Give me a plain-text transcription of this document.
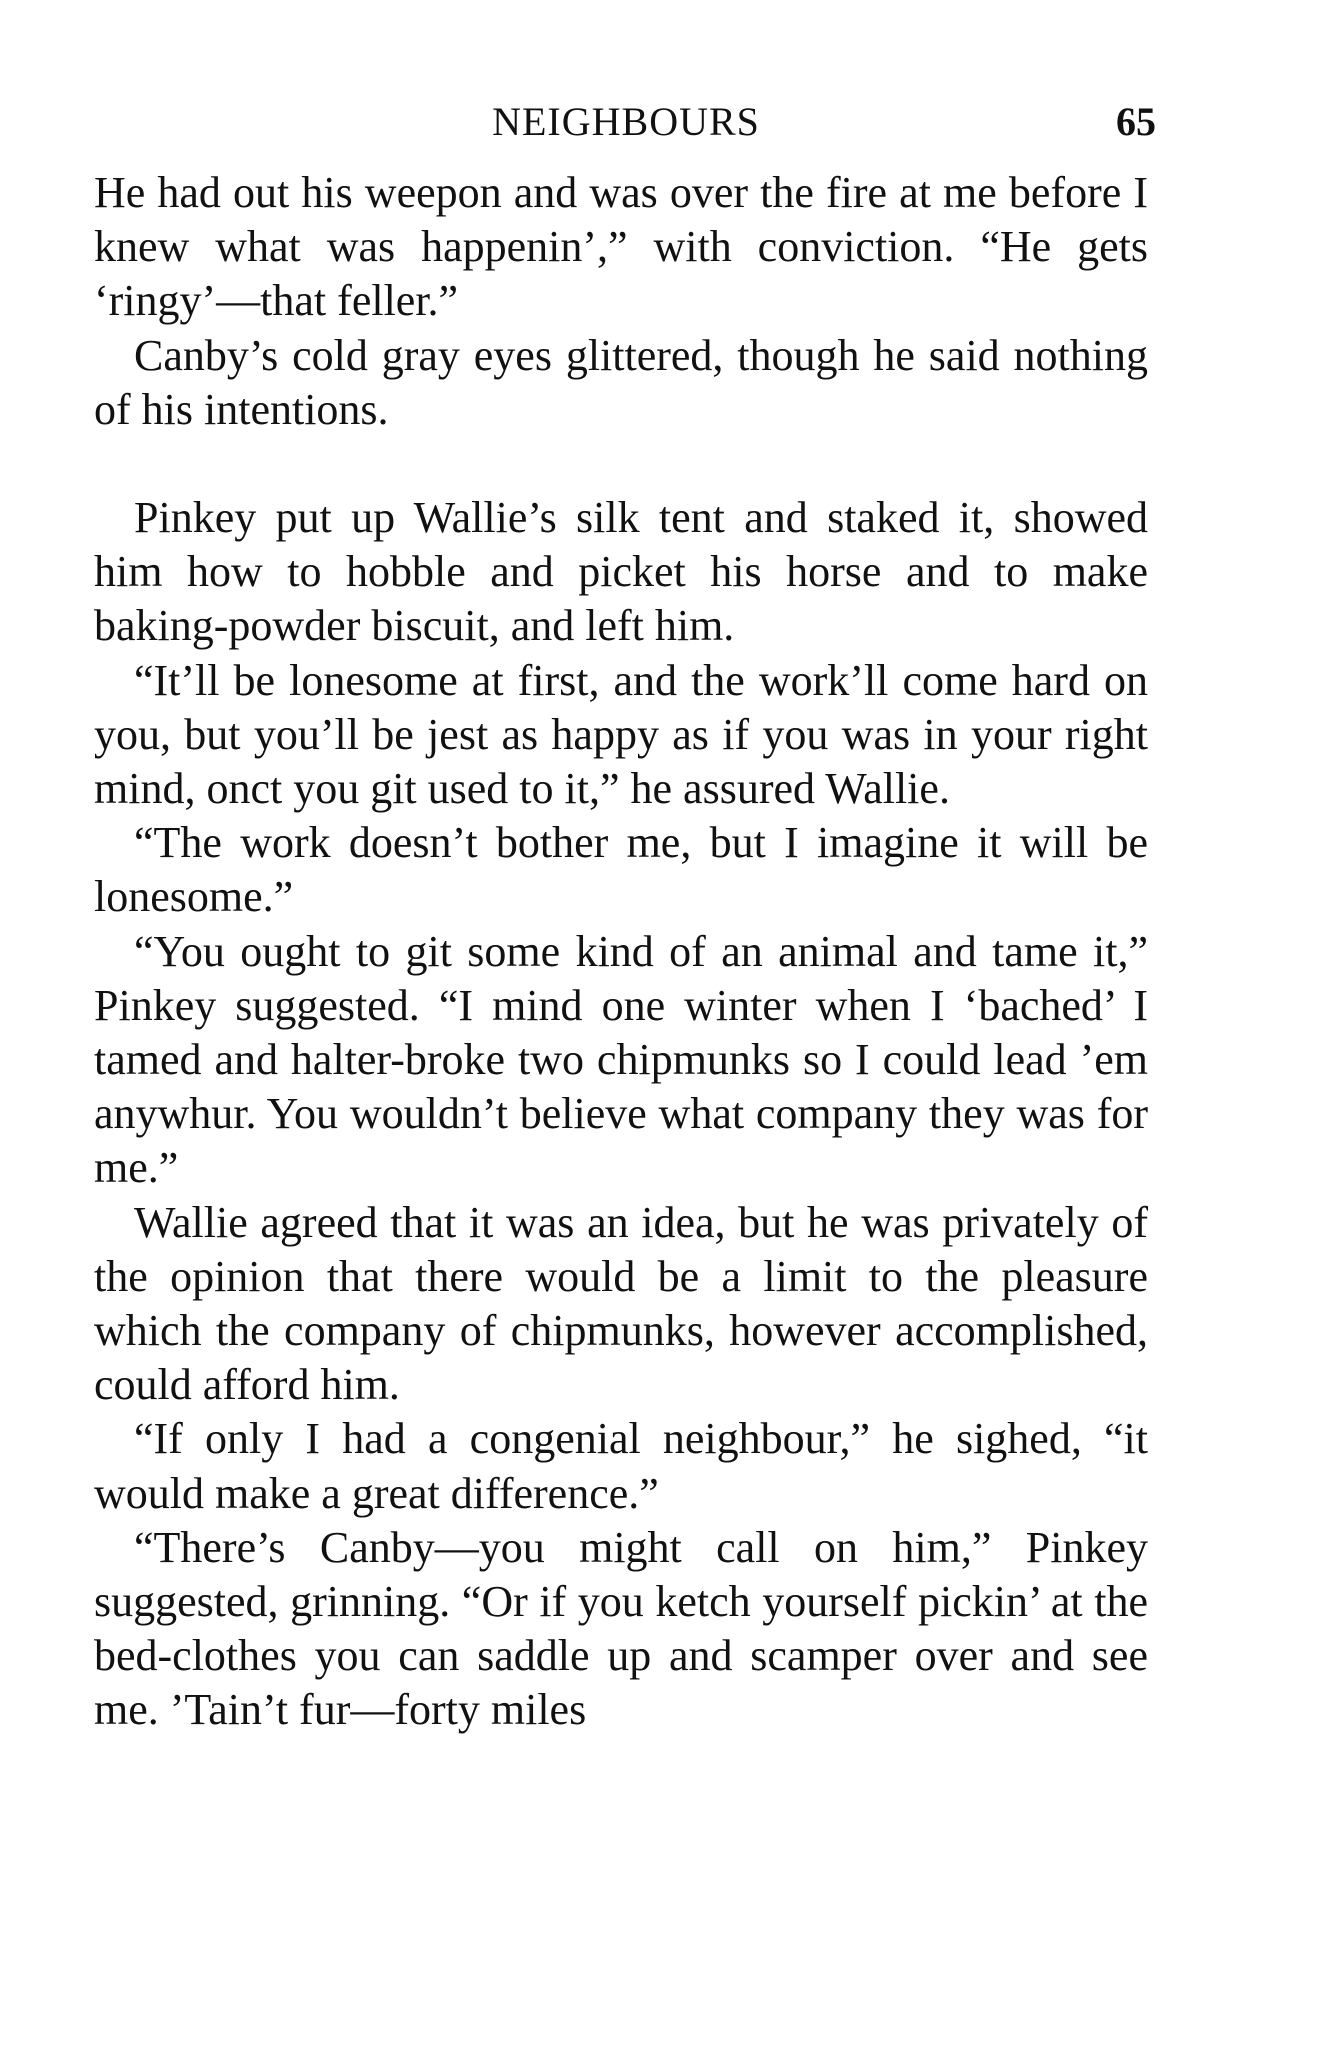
NEIGHBOURS	65

He had out his weepon and was over the fire at me before I knew what was happenin’,” with conviction. “He gets ‘ringy’—that feller.”

Canby’s cold gray eyes glittered, though he said nothing of his intentions.

Pinkey put up Wallie’s silk tent and staked it, showed him how to hobble and picket his horse and to make baking-powder biscuit, and left him.

“It’ll be lonesome at first, and the work’ll come hard on you, but you’ll be jest as happy as if you was in your right mind, onct you git used to it,” he assured Wallie.

“The work doesn’t bother me, but I imagine it will be lonesome.”

“You ought to git some kind of an animal and tame it,” Pinkey suggested. “I mind one winter when I ‘bached’ I tamed and halter-broke two chipmunks so I could lead ’em anywhur. You wouldn’t believe what company they was for me.”

Wallie agreed that it was an idea, but he was privately of the opinion that there would be a limit to the pleasure which the company of chipmunks, however accomplished, could afford him.

“If only I had a congenial neighbour,” he sighed, “it would make a great difference.”

“There’s Canby—you might call on him,” Pinkey suggested, grinning. “Or if you ketch yourself pickin’ at the bed-clothes you can saddle up and scamper over and see me. ’Tain’t fur—forty miles
